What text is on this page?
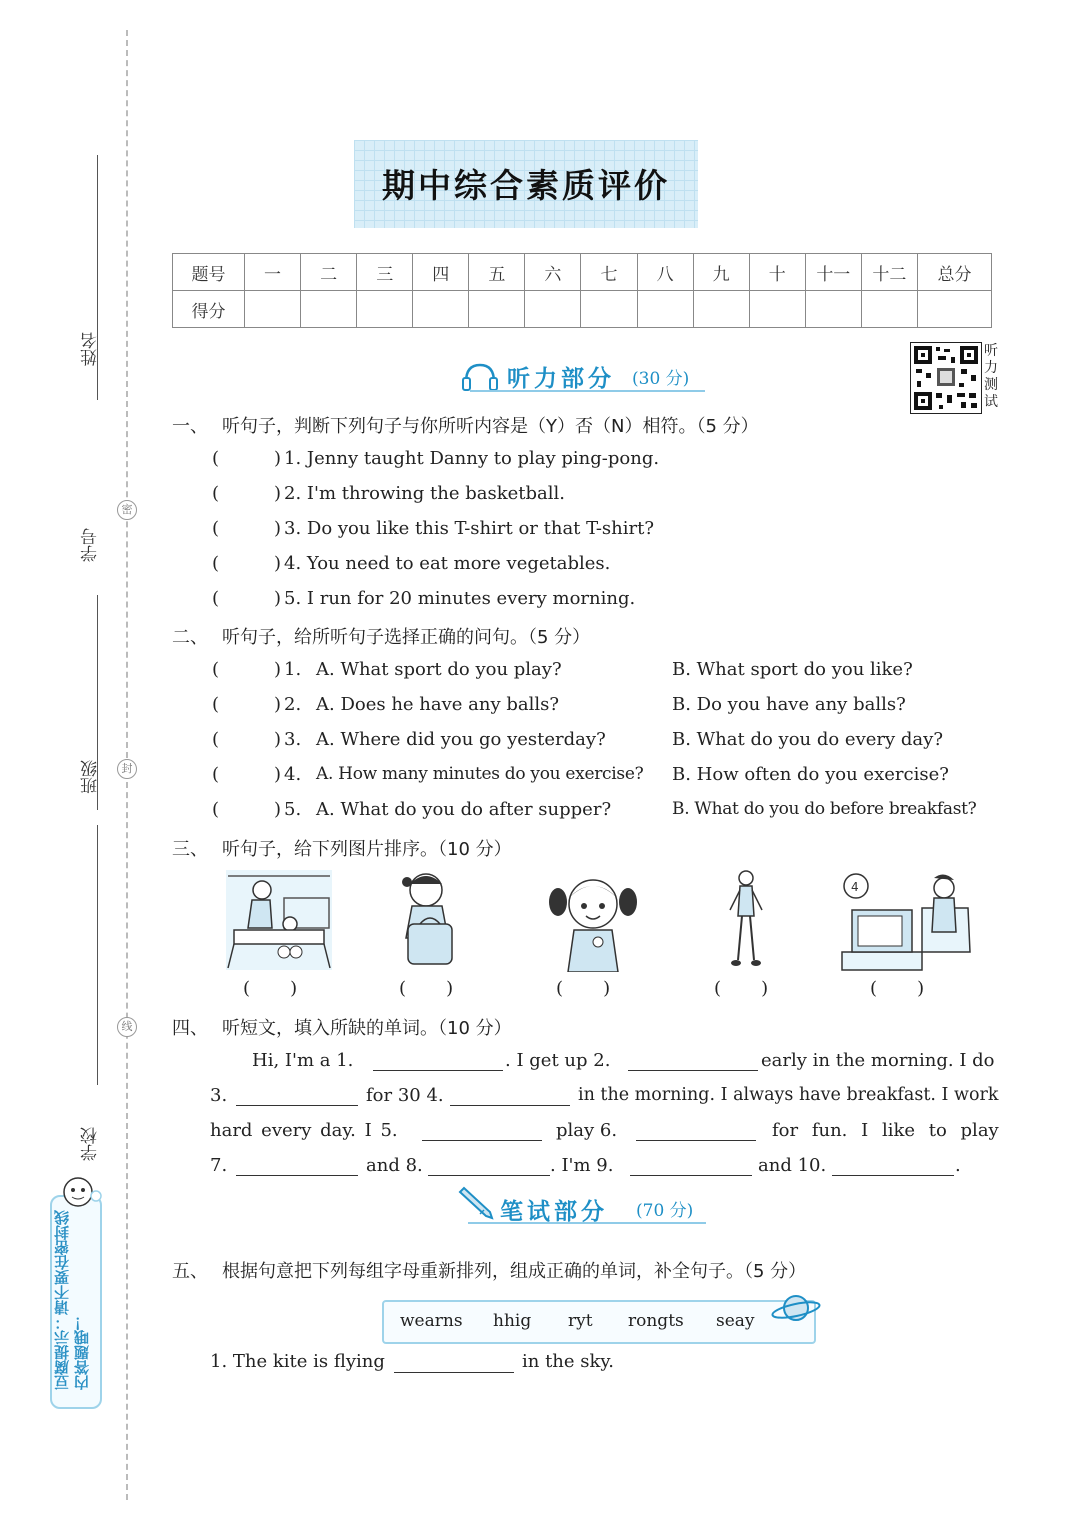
密
封
线
姓名
学号
班级
学校
豆腐提示：请不要在密封线内答题哦！
期中综合素质评价
题号	一	二	三	四	五	六	七	八	九	十	十一	十二	总分
得分													
听力测试
听力部分 (30 分)
一、 听句子，判断下列句子与你所听内容是（Y）否（N）相符。（5 分）
(	) 1. Jenny taught Danny to play ping-pong.
(	) 2. I'm throwing the basketball.
(	) 3. Do you like this T-shirt or that T-shirt?
(	) 4. You need to eat more vegetables.
(	) 5. I run for 20 minutes every morning.
二、 听句子，给所听句子选择正确的问句。（5 分）
(	) 1. A. What sport do you play?	B. What sport do you like?
(	) 2. A. Does he have any balls?	B. Do you have any balls?
(	) 3. A. Where did you go yesterday?	B. What do you do every day?
(	) 4. A. How many minutes do you exercise? B. How often do you exercise?
(	) 5. A. What do you do after supper?	B. What do you do before breakfast?
三、 听句子，给下列图片排序。（10 分）
4
(       )	(       )	(       )	(       )	(       )
四、 听短文，填入所缺的单词。（10 分）
Hi, I'm a 1.	. I get up 2.	early in the morning. I do
3.	for 30 4.	in the morning. I always have breakfast. I work
hard every day. I 5.	play 6.	for fun. I like to play
7.	and 8.	. I'm 9.	and 10.	.
笔试部分 (70 分)
五、 根据句意把下列每组字母重新排列，组成正确的单词，补全句子。（5 分）
wearns hhig ryt rongts seay
1. The kite is flying	in the sky.
